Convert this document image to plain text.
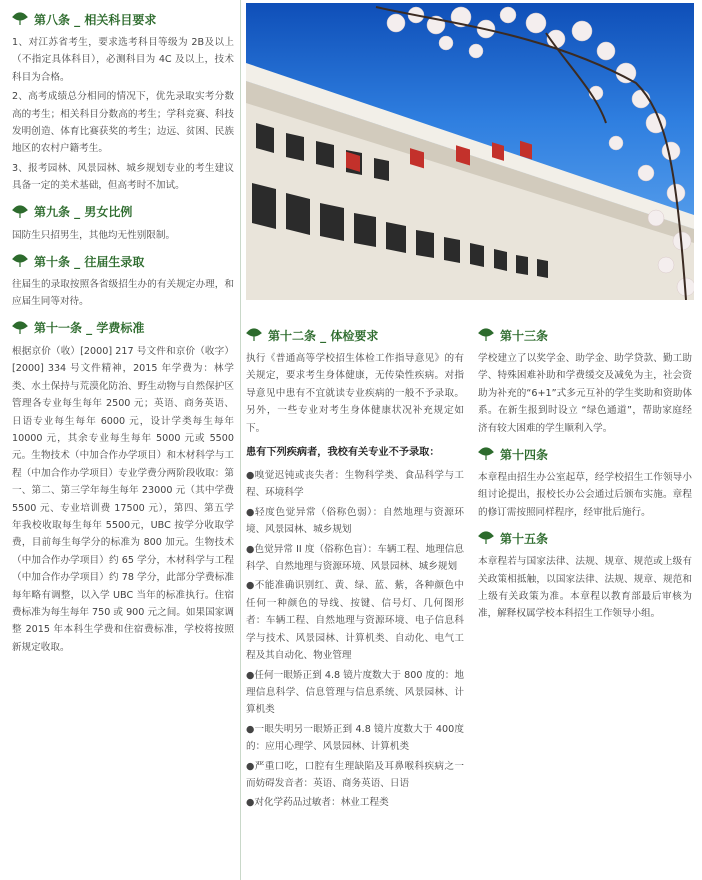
第八条 _ 相关科目要求

1、对江苏省考生，要求选考科目等级为 2B及以上（不指定具体科目），必测科目为 4C 及以上，技术科目为合格。

2、高考成绩总分相同的情况下，优先录取实考分数高的考生；相关科目分数高的考生；学科竞赛、科技发明创造、体育比赛获奖的考生；边远、贫困、民族地区的农村户籍考生。

3、报考园林、风景园林、城乡规划专业的考生建议具备一定的美术基础，但高考时不加试。

第九条 _ 男女比例

国防生只招男生，其他均无性别限制。

第十条 _ 往届生录取

往届生的录取按照各省级招生办的有关规定办理，和应届生同等对待。

第十一条 _ 学费标准

根据京价（收）[2000] 217 号文件和京价（收字）[2000] 334 号文件精神，2015 年学费为：林学类、水土保持与荒漠化防治、野生动物与自然保护区管理各专业每生每年 2500 元；英语、商务英语、日语专业每生每年 6000 元，设计学类每生每年 10000 元，其余专业每生每年 5000 元或 5500 元。生物技术（中加合作办学项目）和木材科学与工程（中加合作办学项目）专业学费分两阶段收取：第一、第二、第三学年每生每年 23000 元（其中学费 5500 元、专业培训费 17500 元），第四、第五学年我校收取每生每年 5500元，UBC 按学分收取学费，目前每生每学分的标准为 800 加元。生物技术（中加合作办学项目）约 65 学分，木材科学与工程（中加合作办学项目）约 78 学分，此部分学费标准每年略有调整，以入学 UBC 当年的标准执行。住宿费标准为每生每年 750 或 900 元之间。如果国家调整 2015 年本科生学费和住宿费标准，学校将按照新规定收取。

第十二条 _ 体检要求

执行《普通高等学校招生体检工作指导意见》的有关规定，要求考生身体健康，无传染性疾病。对指导意见中患有不宜就读专业疾病的一般不予录取。另外，一些专业对考生身体健康状况补充规定如下。

患有下列疾病者，我校有关专业不予录取：

●嗅觉迟钝或丧失者：生物科学类、食品科学与工程、环境科学

●轻度色觉异常（俗称色弱）：自然地理与资源环境、风景园林、城乡规划

●色觉异常 II 度（俗称色盲）：车辆工程、地理信息科学、自然地理与资源环境、风景园林、城乡规划

●不能准确识别红、黄、绿、蓝、紫，各种颜色中任何一种颜色的导线、按键、信号灯、几何图形者：车辆工程、自然地理与资源环境、电子信息科学与技术、风景园林、计算机类、自动化、电气工程及其自动化、物业管理

●任何一眼矫正到 4.8 镜片度数大于 800 度的：地理信息科学、信息管理与信息系统、风景园林、计算机类

●一眼失明另一眼矫正到 4.8 镜片度数大于 400度的：应用心理学、风景园林、计算机类

●严重口吃，口腔有生理缺陷及耳鼻喉科疾病之一而妨碍发音者：英语、商务英语、日语

●对化学药品过敏者：林业工程类

第十三条

学校建立了以奖学金、助学金、助学贷款、勤工助学、特殊困难补助和学费缓交及减免为主，社会资助为补充的“6+1”式多元互补的学生奖助和资助体系。在新生报到时设立 “绿色通道”，帮助家庭经济有较大困难的学生顺利入学。

第十四条

本章程由招生办公室起草，经学校招生工作领导小组讨论提出，报校长办公会通过后颁布实施。章程的修订需按照同样程序，经审批后施行。

第十五条

本章程若与国家法律、法规、规章、规范或上级有关政策相抵触，以国家法律、法规、规章、规范和上级有关政策为准。本章程以教育部最后审核为准，解释权属学校本科招生工作领导小组。
